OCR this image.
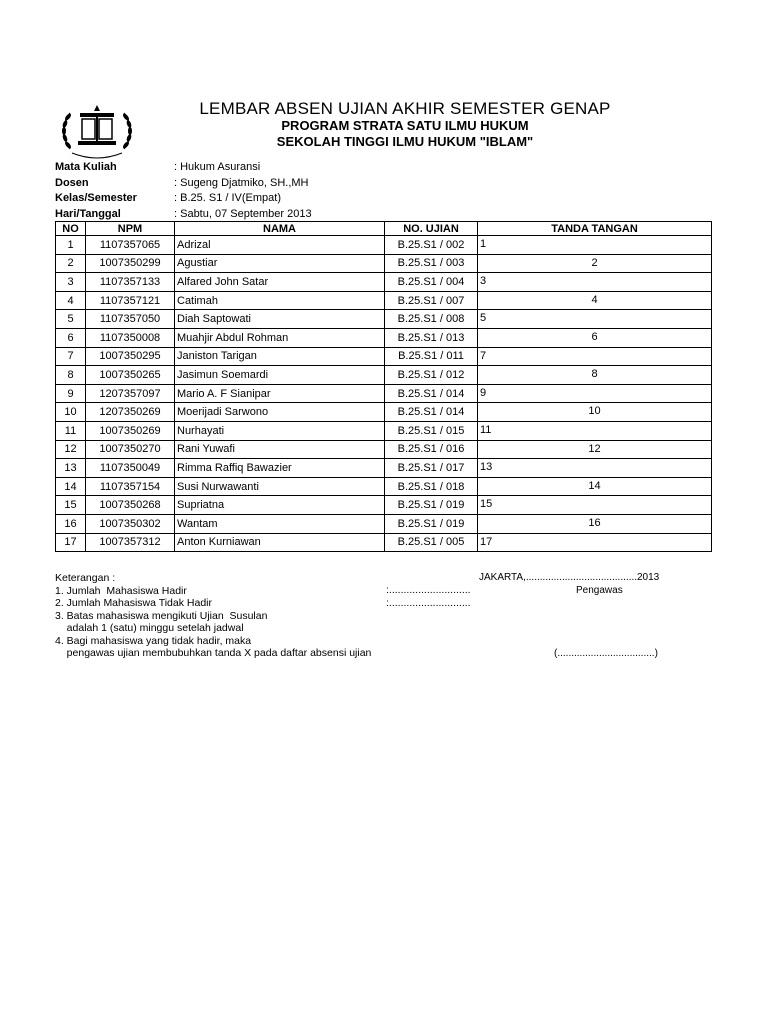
LEMBAR ABSEN UJIAN AKHIR SEMESTER GENAP
PROGRAM STRATA SATU ILMU HUKUM
SEKOLAH TINGGI ILMU HUKUM "IBLAM"
Mata Kuliah	: Hukum Asuransi
Dosen	: Sugeng Djatmiko, SH.,MH
Kelas/Semester	: B.25. S1 / IV(Empat)
Hari/Tanggal	: Sabtu, 07 September 2013
NO	NPM	NAMA	NO. UJIAN	TANDA TANGAN
1	1107357065	Adrizal	B.25.S1 / 002	1

2	1007350299	Agustiar	B.25.S1 / 003	2

3	1107357133	Alfared John Satar	B.25.S1 / 004	3

4	1107357121	Catimah	B.25.S1 / 007	4

5	1107357050	Diah Saptowati	B.25.S1 / 008	5

6	1107350008	Muahjir Abdul Rohman	B.25.S1 / 013	6

7	1007350295	Janiston Tarigan	B.25.S1 / 011	7

8	1007350265	Jasimun Soemardi	B.25.S1 / 012	8

9	1207357097	Mario A. F Sianipar	B.25.S1 / 014	9

10	1207350269	Moerijadi Sarwono	B.25.S1 / 014	10

11	1007350269	Nurhayati	B.25.S1 / 015	11

12	1007350270	Rani Yuwafi	B.25.S1 / 016	12

13	1107350049	Rimma Raffiq Bawazier	B.25.S1 / 017	13

14	1107357154	Susi Nurwawanti	B.25.S1 / 018	14

15	1007350268	Supriatna	B.25.S1 / 019	15

16	1007350302	Wantam	B.25.S1 / 019	16

17	1007357312	Anton Kurniawan	B.25.S1 / 005	17
Keterangan :
1. Jumlah  Mahasiswa Hadir
2. Jumlah Mahasiswa Tidak Hadir
3. Batas mahasiswa mengikuti Ujian  Susulan
adalah 1 (satu) minggu setelah jadwal
4. Bagi mahasiswa yang tidak hadir, maka
pengawas ujian membubuhkan tanda X pada daftar absensi ujian
:............................
:............................
JAKARTA,........................................2013
Pengawas
(...................................)
